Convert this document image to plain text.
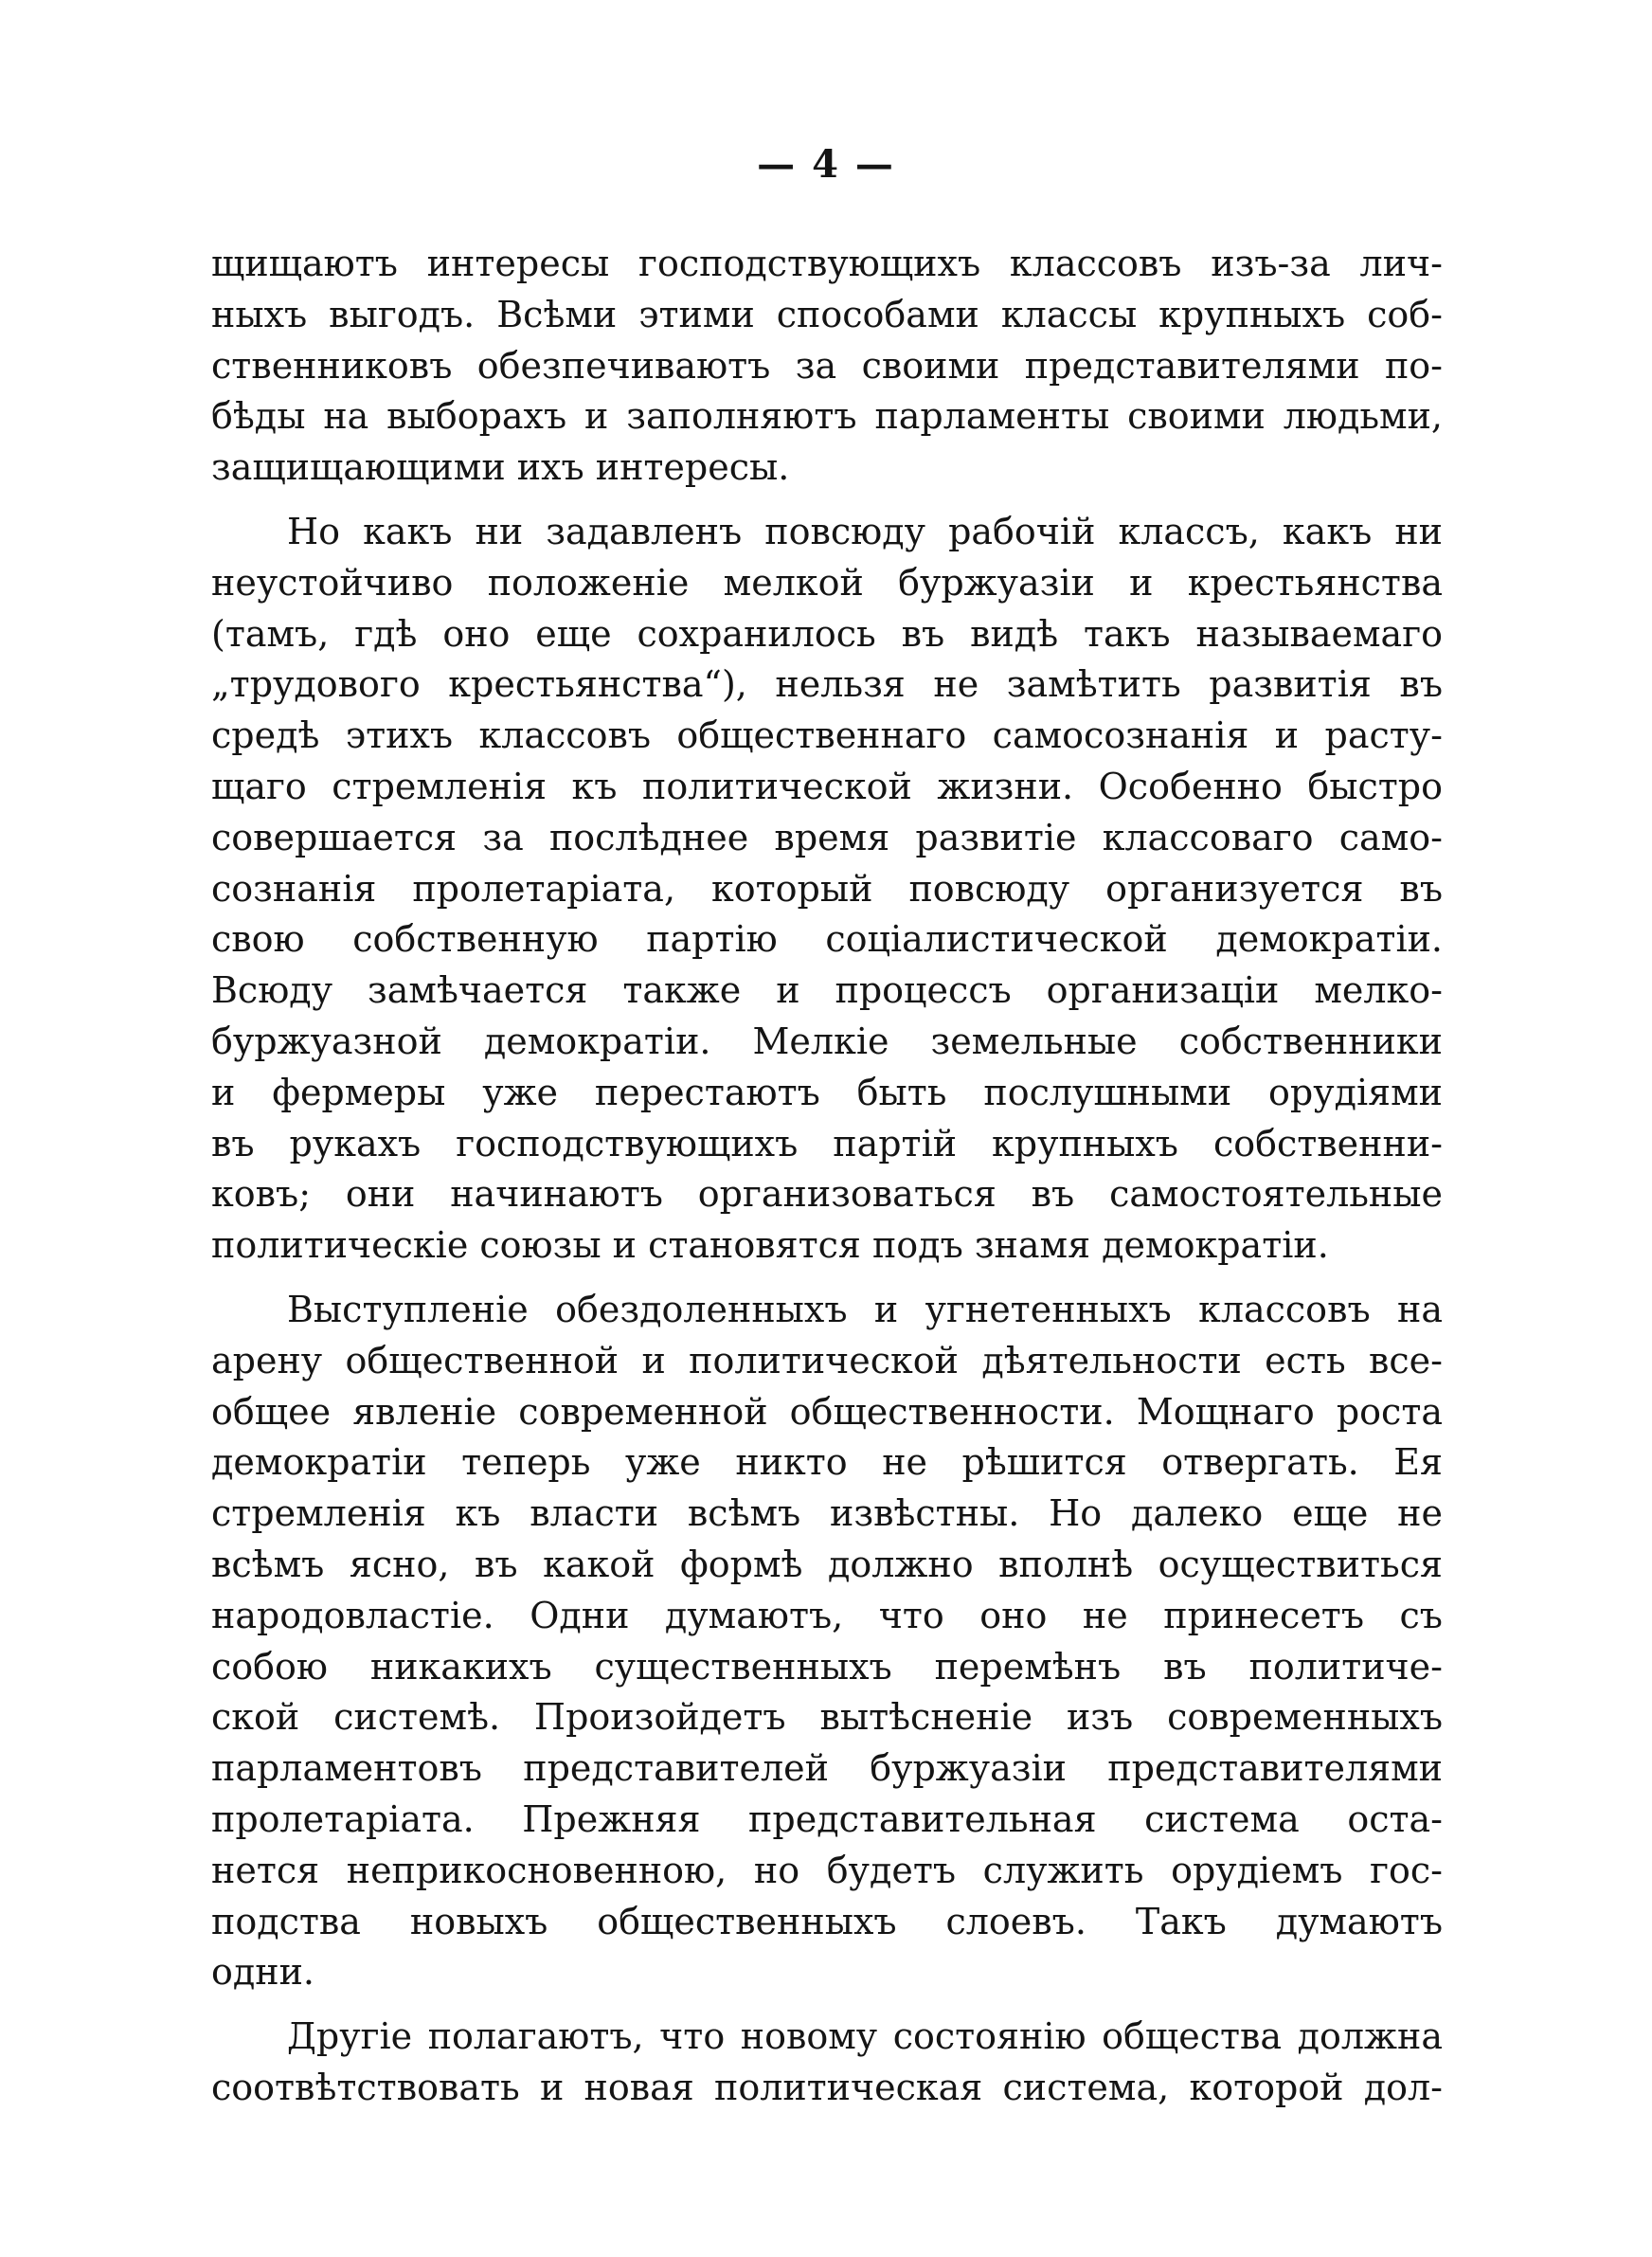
— 4 —
щищаютъ интересы господствующихъ классовъ изъ-за лич-
ныхъ выгодъ. Всѣми этими способами классы крупныхъ соб-
ственниковъ обезпечиваютъ за своими представителями по-
бѣды на выборахъ и заполняютъ парламенты своими людьми,
защищающими ихъ интересы.
Но какъ ни задавленъ повсюду рабочій классъ, какъ ни
неустойчиво положеніе мелкой буржуазіи и крестьянства
(тамъ, гдѣ оно еще сохранилось въ видѣ такъ называемаго
„трудового крестьянства“), нельзя не замѣтить развитія въ
средѣ этихъ классовъ общественнаго самосознанія и расту-
щаго стремленія къ политической жизни. Особенно быстро
совершается за послѣднее время развитіе классоваго само-
сознанія пролетаріата, который повсюду организуется въ
свою собственную партію соціалистической демократіи.
Всюду замѣчается также и процессъ организаціи мелко-
буржуазной демократіи. Мелкіе земельные собственники
и фермеры уже перестаютъ быть послушными орудіями
въ рукахъ господствующихъ партій крупныхъ собственни-
ковъ; они начинаютъ организоваться въ самостоятельные
политическіе союзы и становятся подъ знамя демократіи.
Выступленіе обездоленныхъ и угнетенныхъ классовъ на
арену общественной и политической дѣятельности есть все-
общее явленіе современной общественности. Мощнаго роста
демократіи теперь уже никто не рѣшится отвергать. Ея
стремленія къ власти всѣмъ извѣстны. Но далеко еще не
всѣмъ ясно, въ какой формѣ должно вполнѣ осуществиться
народовластіе. Одни думаютъ, что оно не принесетъ съ
собою никакихъ существенныхъ перемѣнъ въ политиче-
ской системѣ. Произойдетъ вытѣсненіе изъ современныхъ
парламентовъ представителей буржуазіи представителями
пролетаріата. Прежняя представительная система оста-
нется неприкосновенною, но будетъ служить орудіемъ гос-
подства новыхъ общественныхъ слоевъ. Такъ думаютъ
одни.
Другіе полагаютъ, что новому состоянію общества должна
соотвѣтствовать и новая политическая система, которой дол-
